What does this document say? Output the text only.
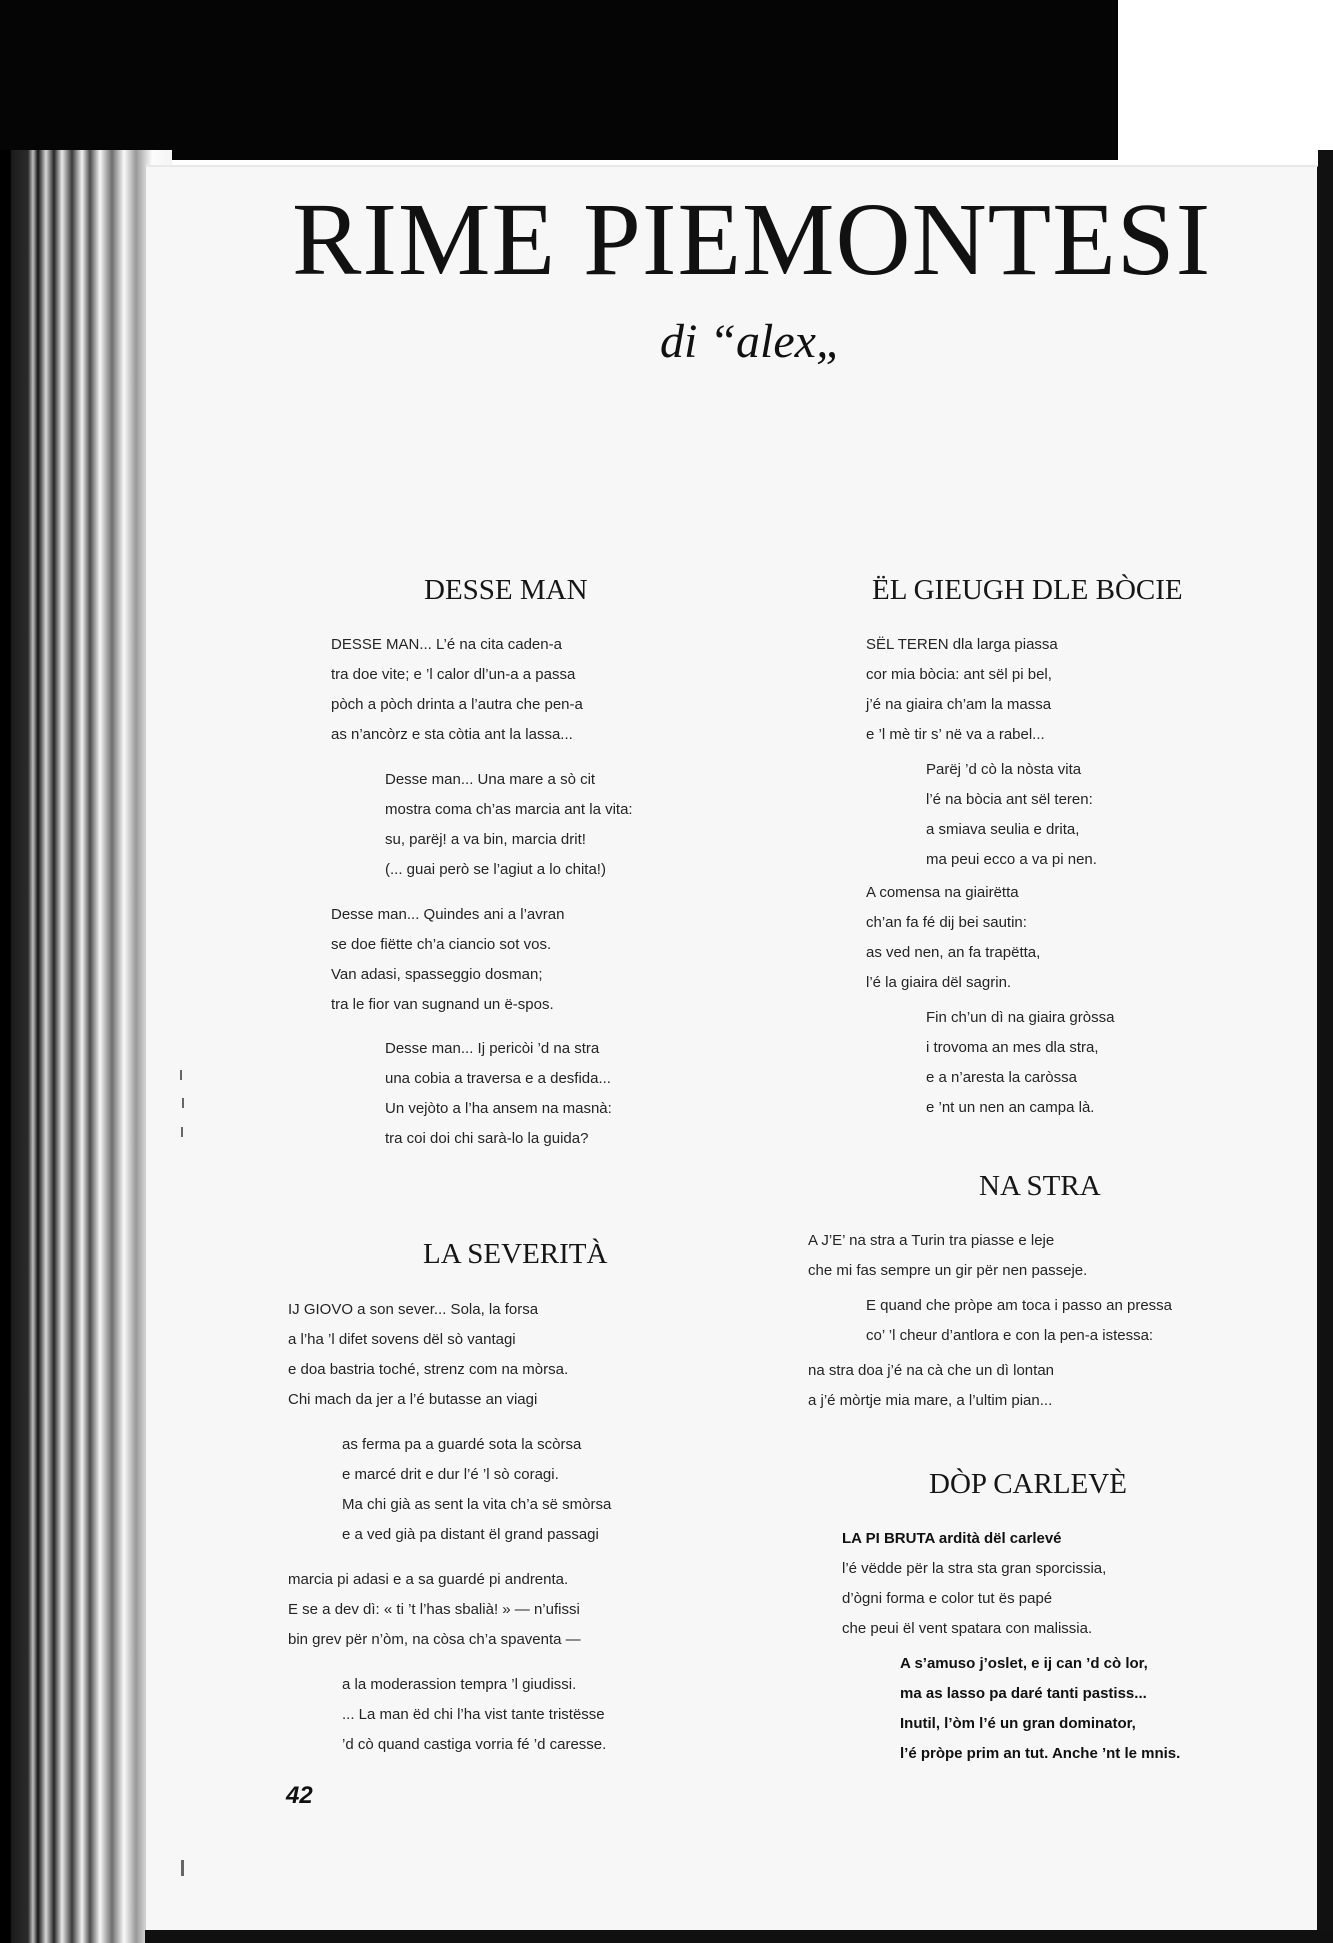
RIME PIEMONTESI
di “alex„
DESSE MAN
DESSE MAN... L’é na cita caden-a
tra doe vite; e ’l calor dl’un-a a passa
pòch a pòch drinta a l’autra che pen-a
as n’ancòrz e sta còtia ant la lassa...
Desse man... Una mare a sò cit
mostra coma ch’as marcia ant la vita:
su, parëj! a va bin, marcia drit!
(... guai però se l’agiut a lo chita!)
Desse man... Quindes ani a l’avran
se doe fiëtte ch’a ciancio sot vos.
Van adasi, spasseggio dosman;
tra le fior van sugnand un ë-spos.
Desse man... Ij pericòi ’d na stra
una cobia a traversa e a desfida...
Un vejòto a l’ha ansem na masnà:
tra coi doi chi sarà-lo la guida?
ËL GIEUGH DLE BÒCIE
SËL TEREN dla larga piassa
cor mia bòcia: ant sël pi bel,
j’é na giaira ch’am la massa
e ’l mè tir s’ në va a rabel...
Parëj ’d cò la nòsta vita
l’é na bòcia ant sël teren:
a smiava seulia e drita,
ma peui ecco a va pi nen.
A comensa na giairëtta
ch’an fa fé dij bei sautin:
as ved nen, an fa trapëtta,
l’é la giaira dël sagrin.
Fin ch’un dì na giaira gròssa
i trovoma an mes dla stra,
e a n’aresta la caròssa
e ’nt un nen an campa là.
NA STRA
A J’E’ na stra a Turin tra piasse e leje
che mi fas sempre un gir për nen passeje.
E quand che pròpe am toca i passo an pressa
co’ ’l cheur d’antlora e con la pen-a istessa:
na stra doa j’é na cà che un dì lontan
a j’é mòrtje mia mare, a l’ultim pian...
LA SEVERITÀ
IJ GIOVO a son sever... Sola, la forsa
a l’ha ’l difet sovens dël sò vantagi
e doa bastria toché, strenz com na mòrsa.
Chi mach da jer a l’é butasse an viagi
as ferma pa a guardé sota la scòrsa
e marcé drit e dur l’é ’l sò coragi.
Ma chi già as sent la vita ch’a së smòrsa
e a ved già pa distant ël grand passagi
marcia pi adasi e a sa guardé pi andrenta.
E se a dev dì: « ti ’t l’has sbalià! » — n’ufissi
bin grev për n’òm, na còsa ch’a spaventa —
a la moderassion tempra ’l giudissi.
... La man ëd chi l’ha vist tante tristësse
’d cò quand castiga vorria fé ’d caresse.
DÒP CARLEVÈ
LA PI BRUTA ardità dël carlevé
l’é vëdde për la stra sta gran sporcissia,
d’ògni forma e color tut ës papé
che peui ël vent spatara con malissia.
A s’amuso j’oslet, e ij can ’d cò lor,
ma as lasso pa daré tanti pastiss...
Inutil, l’òm l’é un gran dominator,
l’é pròpe prim an tut. Anche ’nt le mnis.
42
